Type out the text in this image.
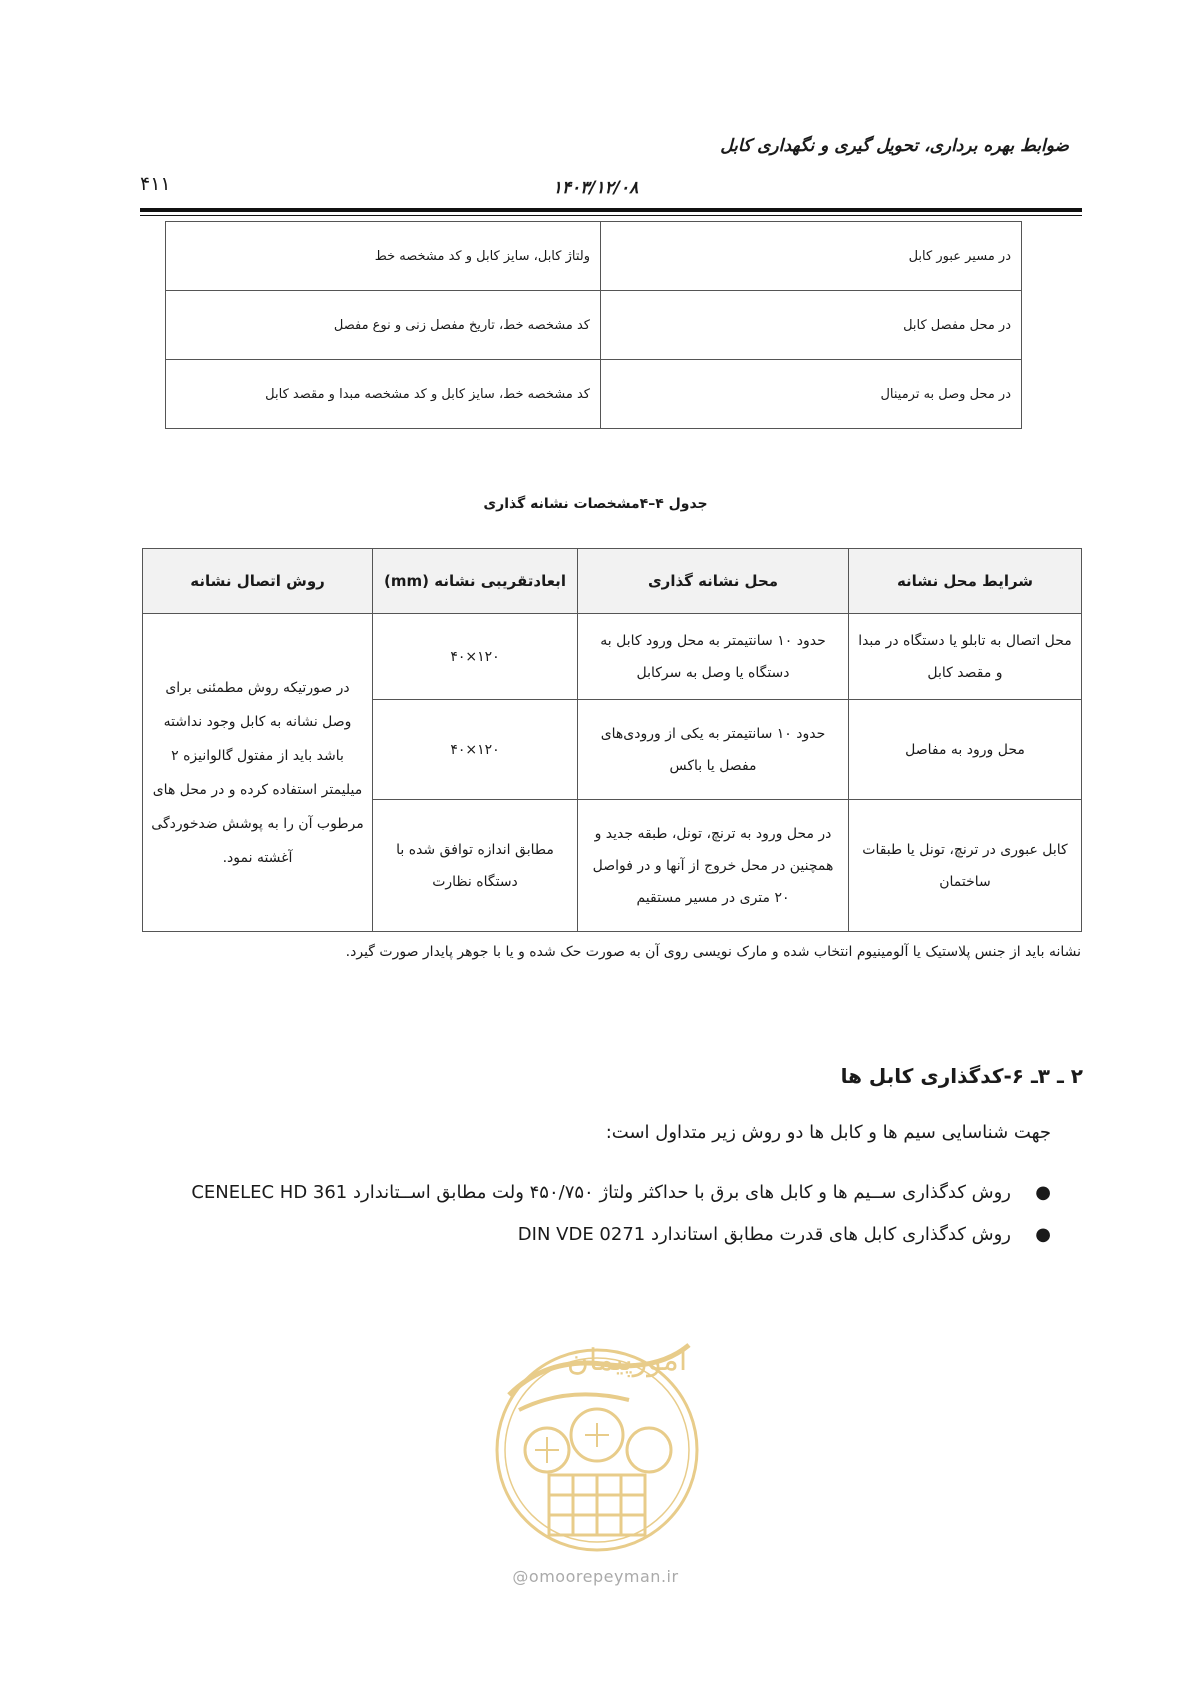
ضوابط بهره برداری، تحویل گیری و نگهداری کابل
۴۱۱	۱۴۰۳/۱۲/۰۸
در مسیر عبور کابل	ولتاژ کابل، سایز کابل و کد مشخصه خط
در محل مفصل کابل	کد مشخصه خط، تاریخ مفصل زنی و نوع مفصل
در محل وصل به ترمینال	کد مشخصه خط، سایز کابل و کد مشخصه مبدا و مقصد کابل
جدول ۴–۴مشخصات نشانه گذاری
شرایط محل نشانه	محل نشانه گذاری	ابعادتقریبی نشانه (mm)	روش اتصال نشانه
محل اتصال به تابلو یا دستگاه در مبدا و مقصد کابل	حدود ۱۰ سانتیمتر به محل ورود کابل به دستگاه یا وصل به سرکابل	۱۲۰×۴۰	در صورتیکه روش مطمئنی برای وصل نشانه به کابل وجود نداشته باشد باید از مفتول گالوانیزه ۲ میلیمتر استفاده کرده و در محل های مرطوب آن را به پوشش ضدخوردگی آغشته نمود.
محل ورود به مفاصل	حدود ۱۰ سانتیمتر به یکی از ورودی‌های مفصل یا باکس	۱۲۰×۴۰	
کابل عبوری در ترنچ، تونل یا طبقات ساختمان	در محل ورود به ترنچ، تونل، طبقه جدید و همچنین در محل خروج از آنها و در فواصل ۲۰ متری در مسیر مستقیم	مطابق اندازه توافق شده با دستگاه نظارت	
نشانه باید از جنس پلاستیک یا آلومینیوم انتخاب شده و مارک نویسی روی آن به صورت حک شده و یا با جوهر پایدار صورت گیرد.
۲ ـ ۳ـ ۶-کدگذاری کابل ها
جهت شناسایی سیم ها و کابل ها دو روش زیر متداول است:
●
روش کدگذاری ســیم ها و کابل های برق با حداکثر ولتاژ ۴۵۰/۷۵۰ ولت مطابق اســتاندارد CENELEC HD 361
●
روش کدگذاری کابل های قدرت مطابق استاندارد DIN VDE 0271
امورپیمان
@omoorepeyman.ir
